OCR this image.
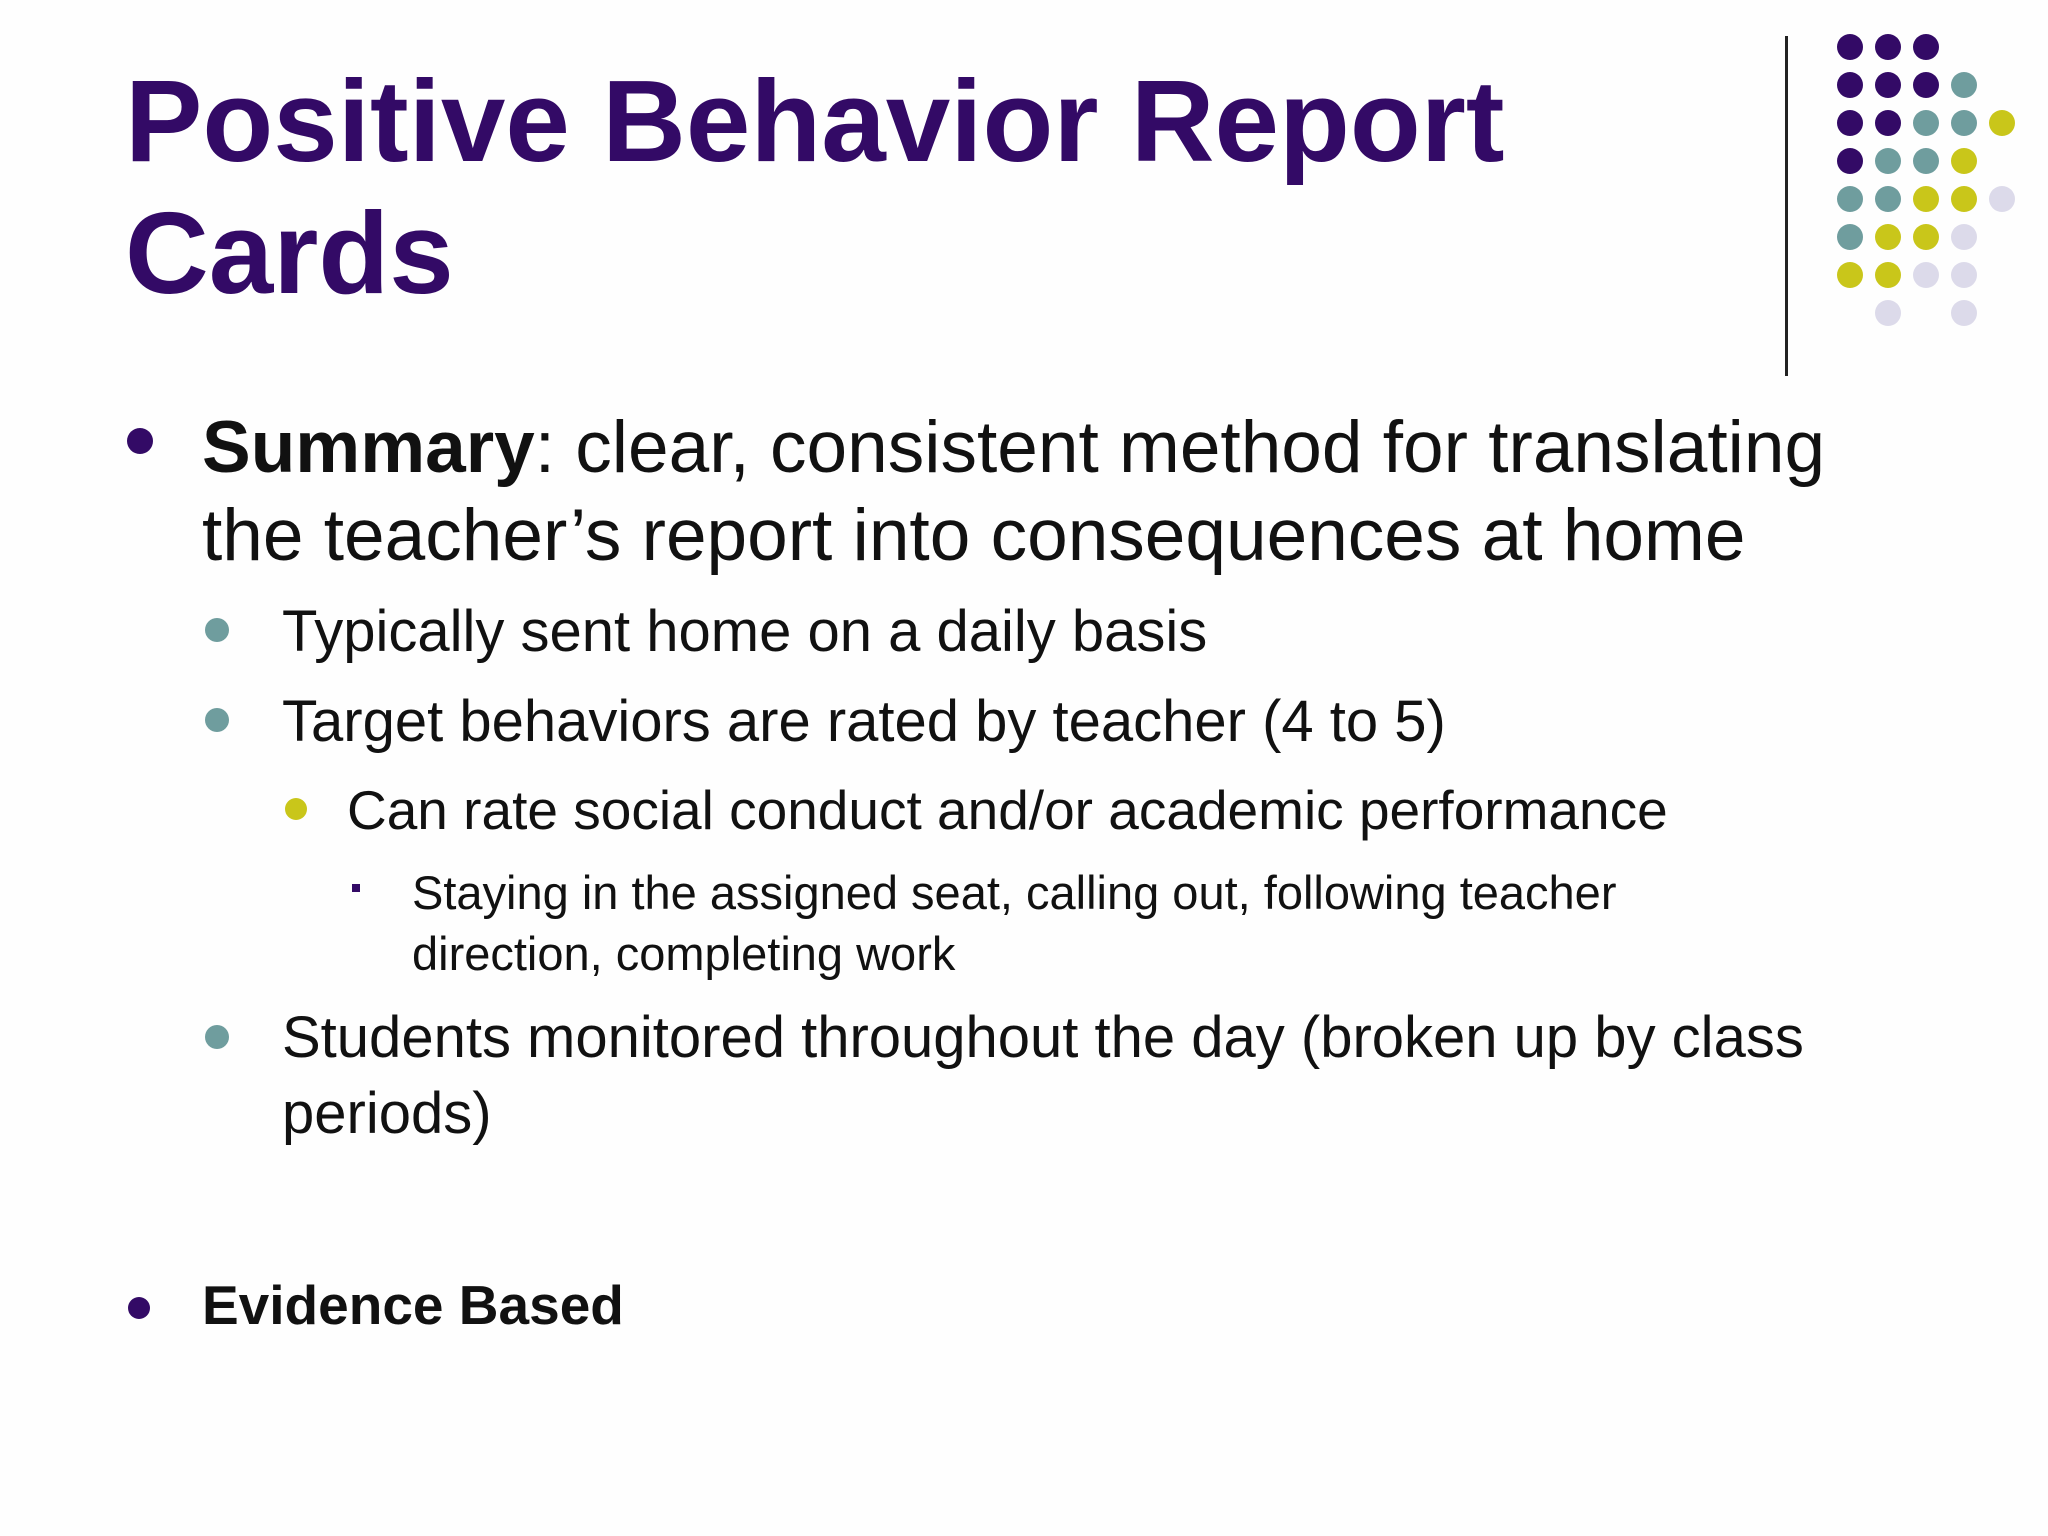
Positive Behavior Report
Cards
Summary: clear, consistent method for translating the teacher’s report into consequences at home
Typically sent home on a daily basis
Target behaviors are rated by teacher (4 to 5)
Can rate social conduct and/or academic performance
Staying in the assigned seat, calling out, following teacher direction, completing work
Students monitored throughout the day (broken up by class periods)
Evidence Based
